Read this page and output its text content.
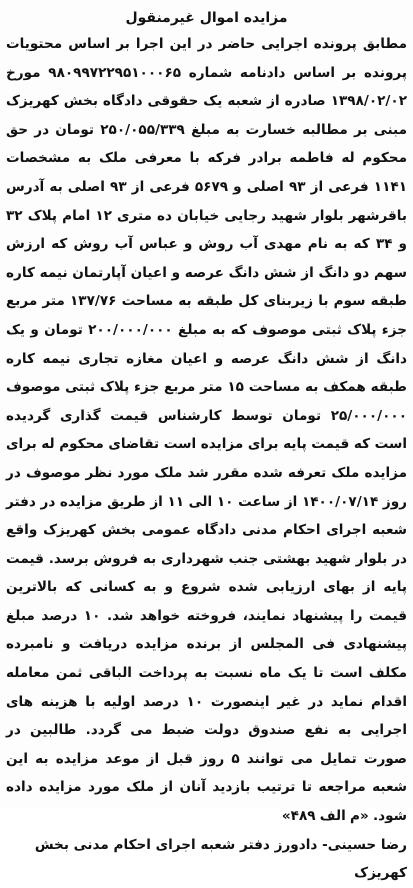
مزایده اموال غیرمنقول

مطابق پرونده اجرایی حاضر در این اجرا بر اساس محتویات پرونده بر اساس دادنامه شماره ۹۸۰۹۹۷۲۲۹۵۱۰۰۰۶۵ مورخ ۱۳۹۸/۰۲/۰۲ صادره از شعبه یک حقوقی دادگاه بخش کهریزک مبنی بر مطالبه خسارت به مبلغ ۲۵۰/۰۵۵/۳۳۹ تومان در حق محکوم له فاطمه برادر فرکه با معرفی ملک به مشخصات ۱۱۴۱ فرعی از ۹۳ اصلی و ۵۶۷۹ فرعی از ۹۳ اصلی به آدرس باقرشهر بلوار شهید رجایی خیابان ده متری ۱۲ امام پلاک ۳۲ و ۳۴ که به نام مهدی آب روش و عباس آب روش که ارزش سهم دو دانگ از شش دانگ عرصه و اعیان آپارتمان نیمه کاره طبقه سوم با زیربنای کل طبقه به مساحت ۱۳۷/۷۶ متر مربع جزء پلاک ثبتی موصوف که به مبلغ ۲۰۰/۰۰۰/۰۰۰ تومان و یک دانگ از شش دانگ عرصه و اعیان مغازه تجاری نیمه کاره طبقه همکف به مساحت ۱۵ متر مربع جزء پلاک ثبتی موصوف ۲۵/۰۰۰/۰۰۰ تومان توسط کارشناس قیمت گذاری گردیده است که قیمت پایه برای مزایده است تقاضای محکوم له برای مزایده ملک تعرفه شده مقرر شد ملک مورد نظر موصوف در روز ۱۴۰۰/۰۷/۱۴ از ساعت ۱۰ الی ۱۱ از طریق مزایده در دفتر شعبه اجرای احکام مدنی دادگاه عمومی بخش کهریزک واقع در بلوار شهید بهشتی جنب شهرداری به فروش برسد. قیمت پایه از بهای ارزیابی شده شروع و به کسانی که بالاترین قیمت را پیشنهاد نمایند، فروخته خواهد شد. ۱۰ درصد مبلغ پیشنهادی فی المجلس از برنده مزایده دریافت و نامبرده مکلف است تا یک ماه نسبت به پرداخت الباقی ثمن معامله اقدام نماید در غیر اینصورت ۱۰ درصد اولیه با هزینه های اجرایی به نفع صندوق دولت ضبط می گردد. طالبین در صورت تمایل می توانند ۵ روز قبل از موعد مزایده به این شعبه مراجعه تا ترتیب بازدید آنان از ملک مورد مزایده داده شود. «م الف ۴۸۹»

رضا حسینی- دادورز دفتر شعبه اجرای احکام مدنی بخش کهریزک
